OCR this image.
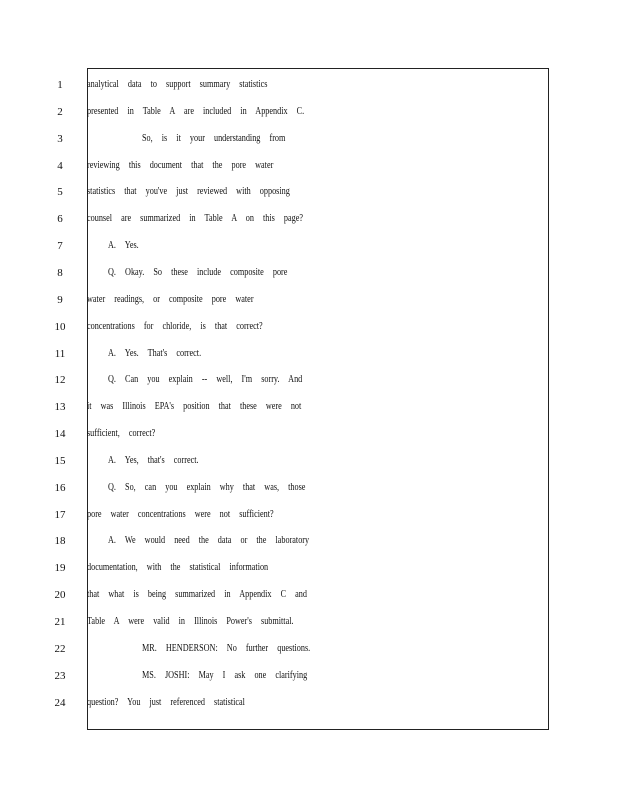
1	analytical data to support summary statistics
2	presented in Table A are included in Appendix C.
3	So, is it your understanding from
4	reviewing this document that the pore water
5	statistics that you've just reviewed with opposing
6	counsel are summarized in Table A on this page?
7	A. Yes.
8	Q. Okay. So these include composite pore
9	water readings, or composite pore water
10 concentrations for chloride, is that correct?
11	A. Yes. That's correct.
12	Q. Can you explain -- well, I'm sorry. And
13 it was Illinois EPA's position that these were not
14 sufficient, correct?
15	A. Yes, that's correct.
16	Q. So, can you explain why that was, those
17 pore water concentrations were not sufficient?
18	A. We would need the data or the laboratory
19 documentation, with the statistical information
20 that what is being summarized in Appendix C and
21 Table A were valid in Illinois Power's submittal.
22	MR. HENDERSON: No further questions.
23	MS. JOSHI: May I ask one clarifying
24 question? You just referenced statistical
